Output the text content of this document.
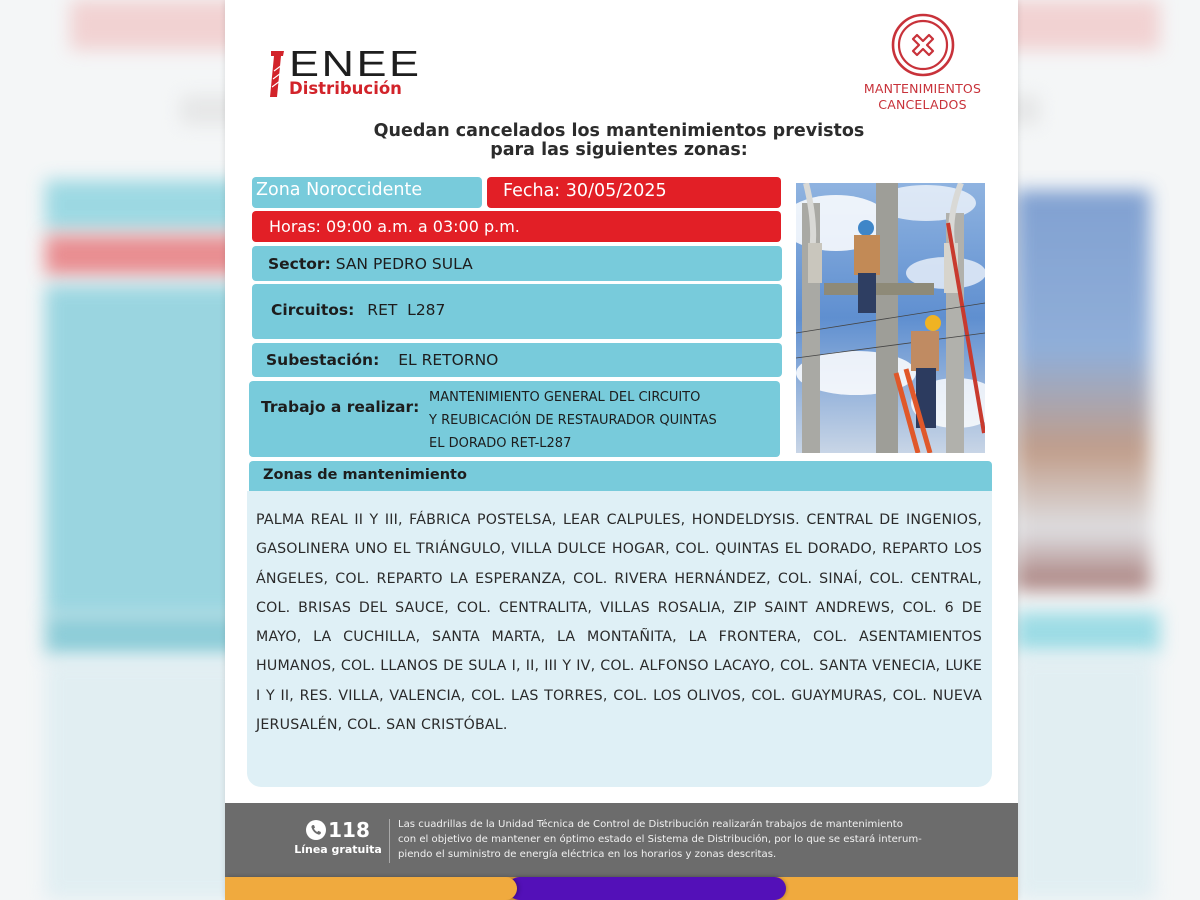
ENEE
Distribución	MANTENIMIENTOS
CANCELADOS
Quedan cancelados los mantenimientos previstos
para las siguientes zonas:
Zona Noroccidente	Fecha: 30/05/2025
Horas: 09:00 a.m. a 03:00 p.m.
Sector: SAN PEDRO SULA
Circuitos: RET  L287
Subestación: EL RETORNO
Trabajo a realizar:
MANTENIMIENTO GENERAL DEL CIRCUITO
Y REUBICACIÓN DE RESTAURADOR QUINTAS
EL DORADO RET-L287
Zonas de mantenimiento

PALMA REAL II Y III, FÁBRICA POSTELSA, LEAR CALPULES, HONDELDYSIS. CENTRAL DE INGENIOS, GASOLINERA UNO EL TRIÁNGULO, VILLA DULCE HOGAR, COL. QUINTAS EL DORADO, REPARTO LOS ÁNGELES, COL. REPARTO LA ESPERANZA, COL. RIVERA HERNÁNDEZ, COL. SINAÍ, COL. CENTRAL, COL. BRISAS DEL SAUCE, COL. CENTRALITA, VILLAS ROSALIA, ZIP SAINT ANDREWS, COL. 6 DE MAYO, LA CUCHILLA, SANTA MARTA, LA MONTAÑITA, LA FRONTERA, COL. ASENTAMIENTOS HUMANOS, COL. LLANOS DE SULA I, II, III Y IV, COL. ALFONSO LACAYO, COL. SANTA VENECIA, LUKE I Y II, RES. VILLA, VALENCIA, COL. LAS TORRES, COL. LOS OLIVOS, COL. GUAYMURAS, COL. NUEVA JERUSALÉN, COL. SAN CRISTÓBAL.

118
Línea gratuita
Las cuadrillas de la Unidad Técnica de Control de Distribución realizarán trabajos de mantenimiento
con el objetivo de mantener en óptimo estado el Sistema de Distribución, por lo que se estará interum-
piendo el suministro de energía eléctrica en los horarios y zonas descritas.
